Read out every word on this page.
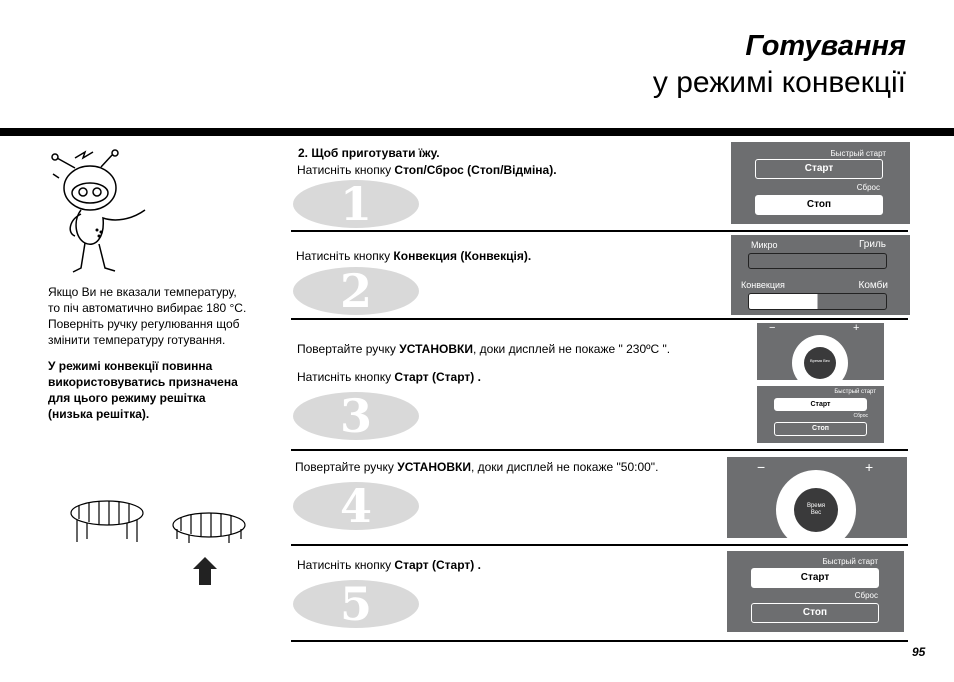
Готування
у режимі конвекції
Якщо Ви не вказали температуру,
то піч автоматично вибирає 180 °C.
Поверніть ручку регулювання щоб
змінити температуру готування.
У режимі конвекції повинна
використовуватись призначена
для цього режиму решітка
(низька решітка).
1
2
3
4
5
2. Щоб приготувати їжу.
Натисніть кнопку Стоп/Сброс (Стоп/Відміна).
Натисніть кнопку Конвекция (Конвекція).
Повертайте ручку УСТАНОВКИ, доки дисплей не покаже " 230ºC ".
Натисніть кнопку Старт (Старт) .
Повертайте ручку УСТАНОВКИ, доки дисплей не покаже "50:00".
Натисніть кнопку Старт (Старт) .
Быстрый старт
Старт
Сброс
Стоп
Микро	Гриль
Конвекция	Комби
−	+
Время Вес
Быстрый старт
Старт
Сброс
Стоп
−	+
Время Вес
Быстрый старт
Старт
Сброс
Стоп
95
